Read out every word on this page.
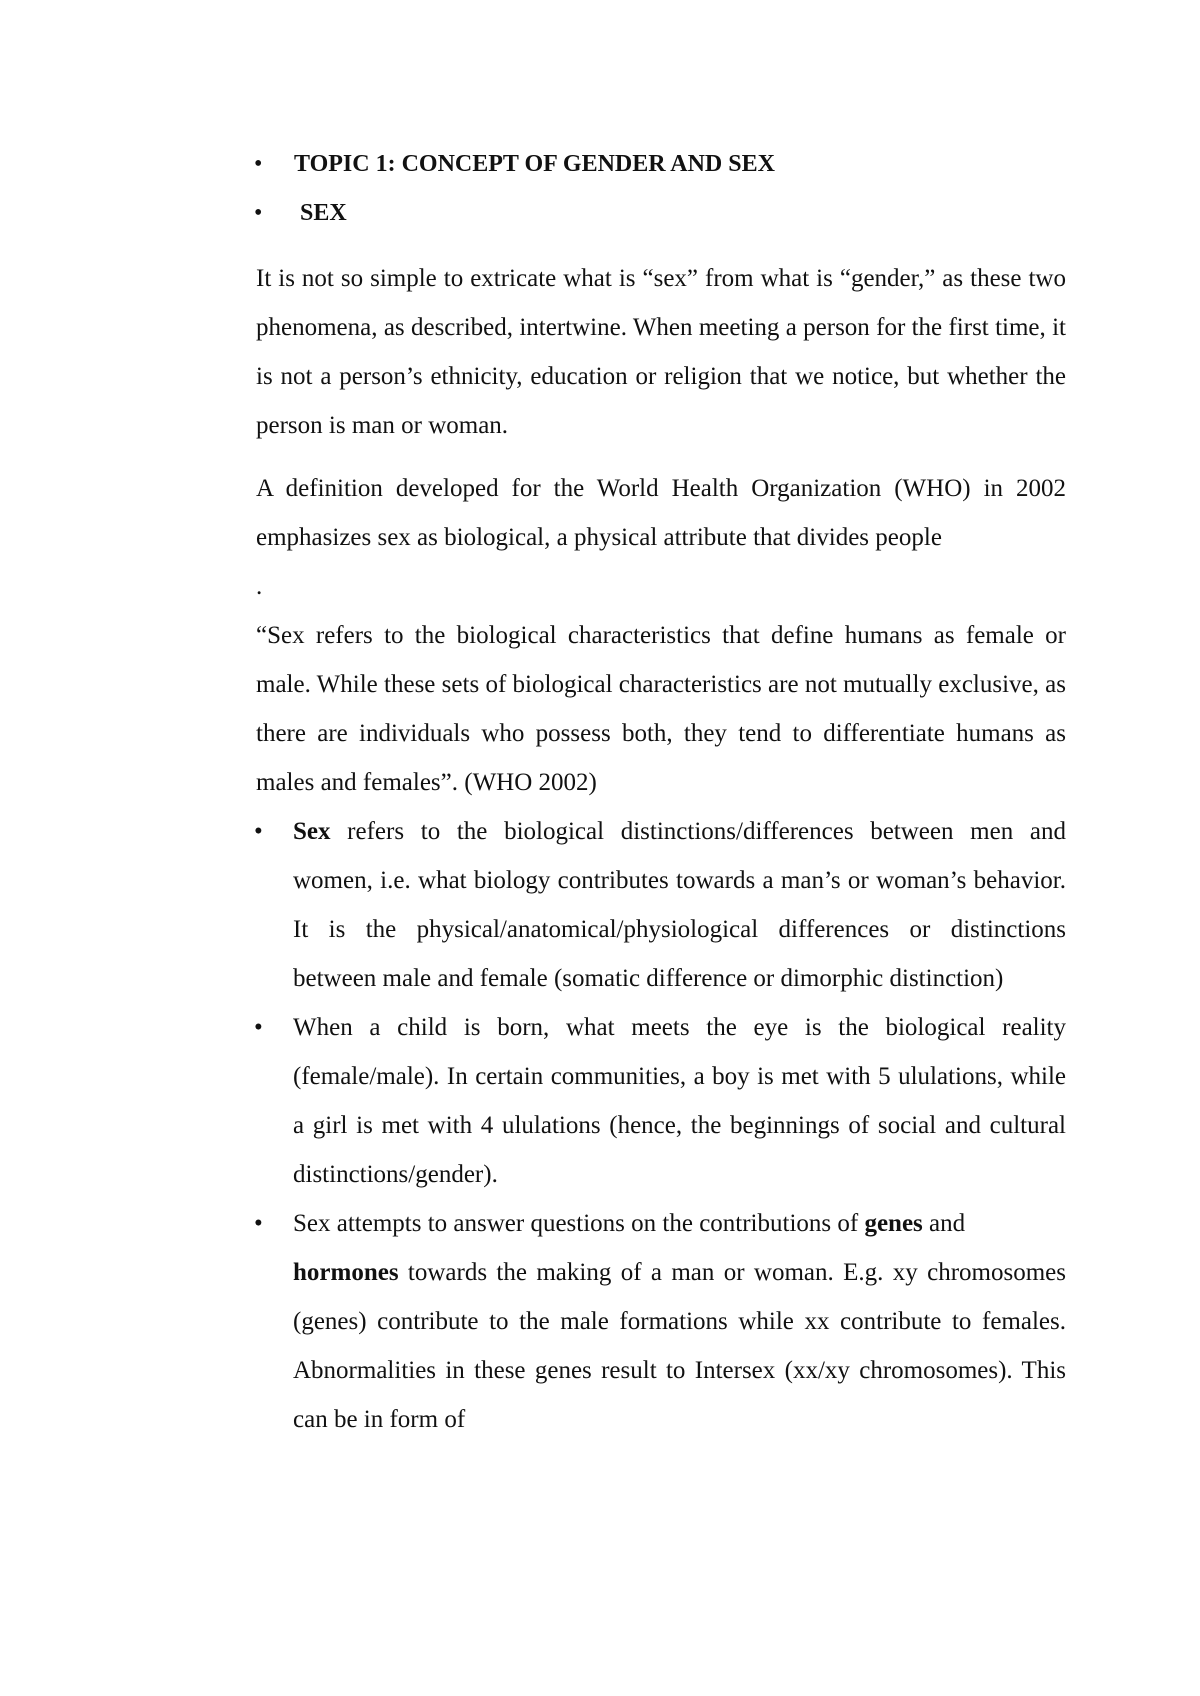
• TOPIC 1: CONCEPT OF GENDER AND SEX
• SEX

It is not so simple to extricate what is “sex” from what is “gender,” as these two phenomena, as described, intertwine. When meeting a person for the first time, it is not a person’s ethnicity, education or religion that we notice, but whether the person is man or woman.

A definition developed for the World Health Organization (WHO) in 2002 emphasizes sex as biological, a physical attribute that divides people

.

“Sex refers to the biological characteristics that define humans as female or male. While these sets of biological characteristics are not mutually exclusive, as there are individuals who possess both, they tend to differentiate humans as males and females”. (WHO 2002)

• Sex refers to the biological distinctions/differences between men and women, i.e. what biology contributes towards a man’s or woman’s behavior. It is the physical/anatomical/physiological differences or distinctions between male and female (somatic difference or dimorphic distinction)
• When a child is born, what meets the eye is the biological reality (female/male). In certain communities, a boy is met with 5 ululations, while a girl is met with 4 ululations (hence, the beginnings of social and cultural distinctions/gender).
• Sex attempts to answer questions on the contributions of genes and
hormones towards the making of a man or woman. E.g. xy chromosomes (genes) contribute to the male formations while xx contribute to females. Abnormalities in these genes result to Intersex (xx/xy chromosomes). This can be in form of
